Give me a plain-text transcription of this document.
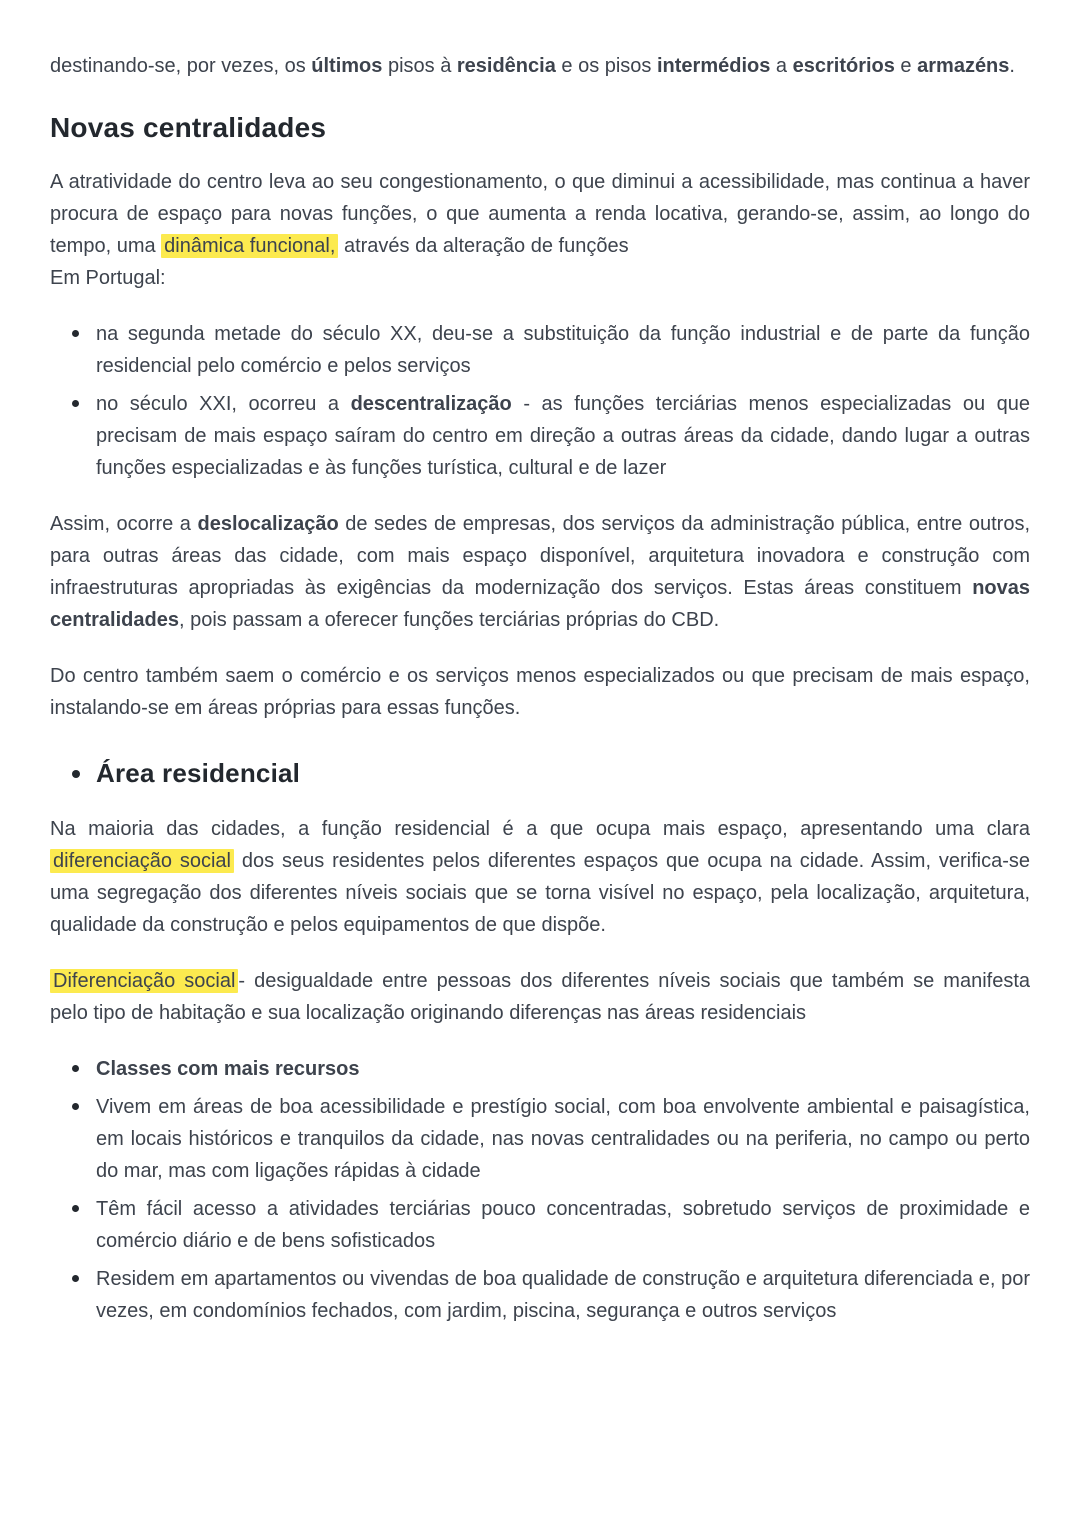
destinando-se, por vezes, os últimos pisos à residência e os pisos intermédios a escritórios e armazéns.

Novas centralidades

A atratividade do centro leva ao seu congestionamento, o que diminui a acessibilidade, mas continua a haver procura de espaço para novas funções, o que aumenta a renda locativa, gerando-se, assim, ao longo do tempo, uma dinâmica funcional, através da alteração de funções
Em Portugal:

na segunda metade do século XX, deu-se a substituição da função industrial e de parte da função residencial pelo comércio e pelos serviços
no século XXI, ocorreu a descentralização - as funções terciárias menos especializadas ou que precisam de mais espaço saíram do centro em direção a outras áreas da cidade, dando lugar a outras funções especializadas e às funções turística, cultural e de lazer

Assim, ocorre a deslocalização de sedes de empresas, dos serviços da administração pública, entre outros, para outras áreas das cidade, com mais espaço disponível, arquitetura inovadora e construção com infraestruturas apropriadas às exigências da modernização dos serviços. Estas áreas constituem novas centralidades, pois passam a oferecer funções terciárias próprias do CBD.

Do centro também saem o comércio e os serviços menos especializados ou que precisam de mais espaço, instalando-se em áreas próprias para essas funções.

Área residencial

Na maioria das cidades, a função residencial é a que ocupa mais espaço, apresentando uma clara diferenciação social dos seus residentes pelos diferentes espaços que ocupa na cidade. Assim, verifica-se uma segregação dos diferentes níveis sociais que se torna visível no espaço, pela localização, arquitetura, qualidade da construção e pelos equipamentos de que dispõe.

Diferenciação social - desigualdade entre pessoas dos diferentes níveis sociais que também se manifesta pelo tipo de habitação e sua localização originando diferenças nas áreas residenciais

Classes com mais recursos
Vivem em áreas de boa acessibilidade e prestígio social, com boa envolvente ambiental e paisagística, em locais históricos e tranquilos da cidade, nas novas centralidades ou na periferia, no campo ou perto do mar, mas com ligações rápidas à cidade
Têm fácil acesso a atividades terciárias pouco concentradas, sobretudo serviços de proximidade e comércio diário e de bens sofisticados
Residem em apartamentos ou vivendas de boa qualidade de construção e arquitetura diferenciada e, por vezes, em condomínios fechados, com jardim, piscina, segurança e outros serviços
